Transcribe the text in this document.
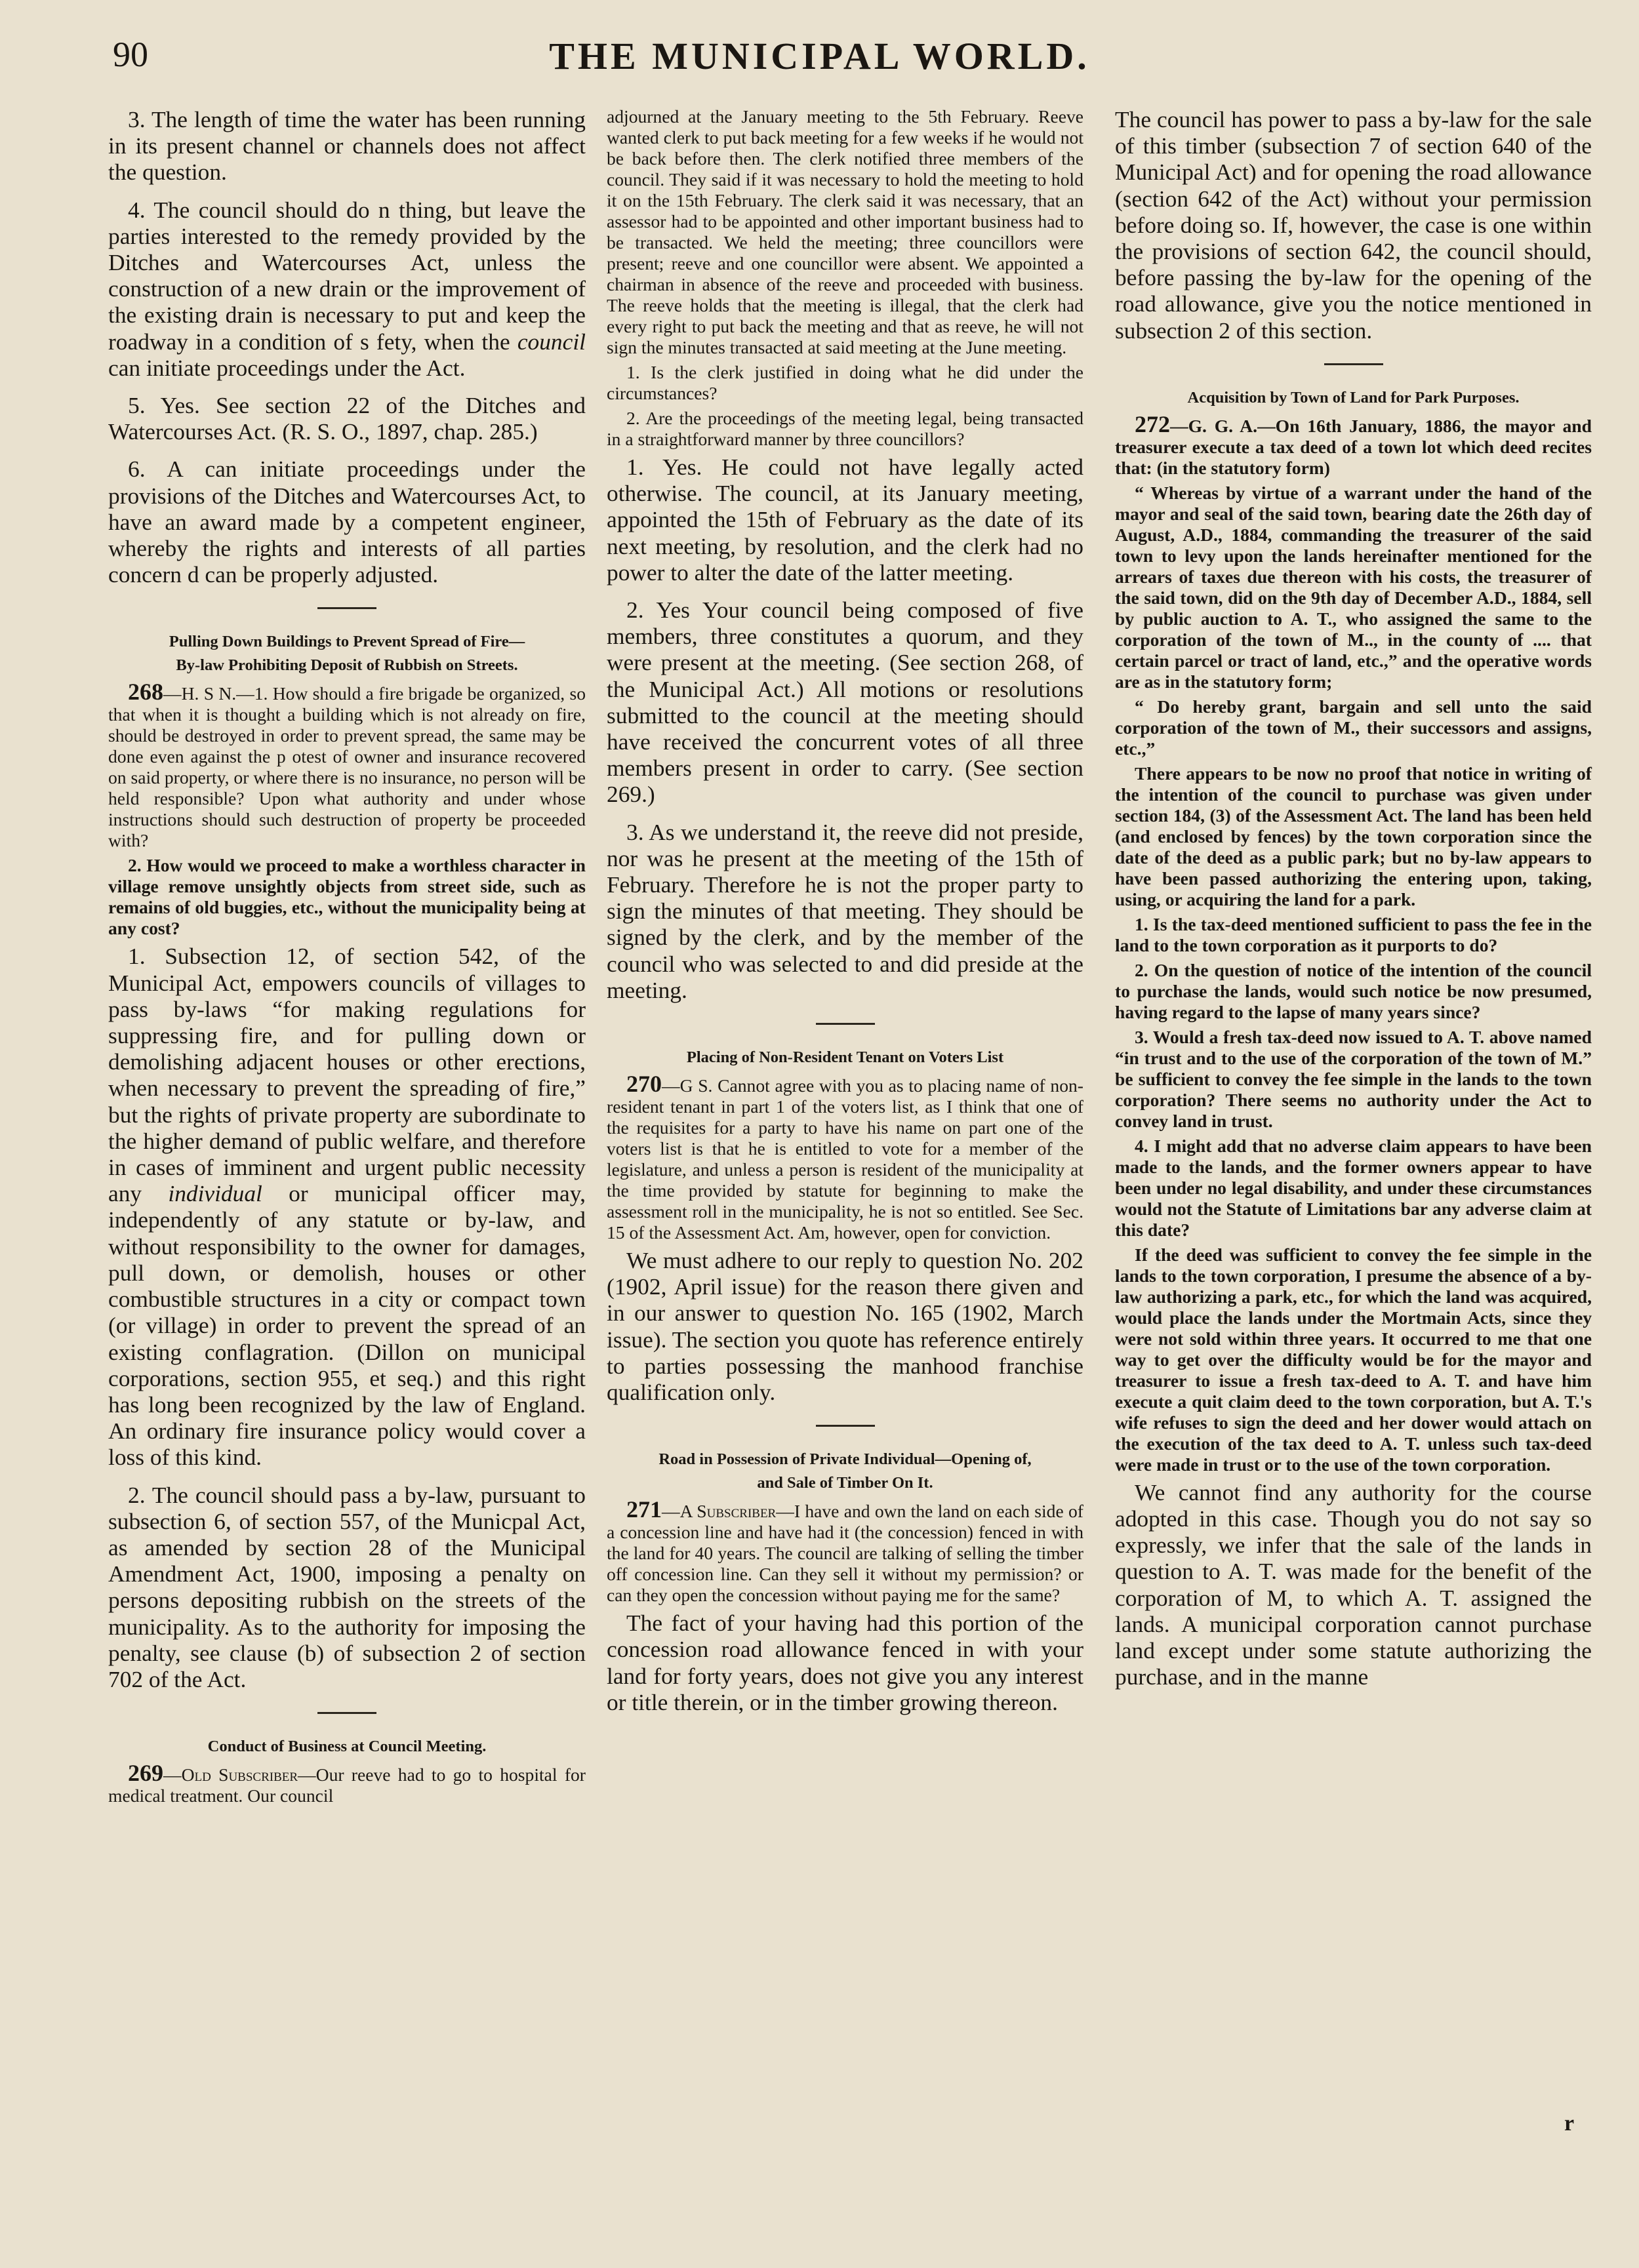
90	THE MUNICIPAL WORLD.

3. The length of time the water has been running in its present channel or channels does not affect the question.

4. The council should do n thing, but leave the parties interested to the remedy provided by the Ditches and Watercourses Act, unless the construction of a new drain or the improvement of the existing drain is necessary to put and keep the roadway in a condition of s fety, when the council can initiate proceedings under the Act.

5. Yes. See section 22 of the Ditches and Watercourses Act. (R. S. O., 1897, chap. 285.)

6. A can initiate proceedings under the provisions of the Ditches and Watercourses Act, to have an award made by a competent engineer, whereby the rights and interests of all parties concern d can be properly adjusted.

Pulling Down Buildings to Prevent Spread of Fire—
By-law Prohibiting Deposit of Rubbish on Streets.

268—H. S N.—1. How should a fire brigade be organized, so that when it is thought a building which is not already on fire, should be destroyed in order to prevent spread, the same may be done even against the p otest of owner and insurance recovered on said property, or where there is no insurance, no person will be held responsible? Upon what authority and under whose instructions should such destruction of property be proceeded with?

2. How would we proceed to make a worthless character in village remove unsightly objects from street side, such as remains of old buggies, etc., without the municipality being at any cost?

1. Subsection 12, of section 542, of the Municipal Act, empowers councils of villages to pass by-laws “for making regulations for suppressing fire, and for pulling down or demolishing adjacent houses or other erections, when necessary to prevent the spreading of fire,” but the rights of private property are subordinate to the higher demand of public welfare, and therefore in cases of imminent and urgent public necessity any individual or municipal officer may, independently of any statute or by-law, and without responsibility to the owner for damages, pull down, or demolish, houses or other combustible structures in a city or compact town (or village) in order to prevent the spread of an existing conflagration. (Dillon on municipal corporations, section 955, et seq.) and this right has long been recognized by the law of England. An ordinary fire insurance policy would cover a loss of this kind.

2. The council should pass a by-law, pursuant to subsection 6, of section 557, of the Municpal Act, as amended by section 28 of the Municipal Amendment Act, 1900, imposing a penalty on persons depositing rubbish on the streets of the municipality. As to the authority for imposing the penalty, see clause (b) of subsection 2 of section 702 of the Act.

Conduct of Business at Council Meeting.

269—Old Subscriber—Our reeve had to go to hospital for medical treatment. Our council

adjourned at the January meeting to the 5th February. Reeve wanted clerk to put back meeting for a few weeks if he would not be back before then. The clerk notified three members of the council. They said if it was necessary to hold the meeting to hold it on the 15th February. The clerk said it was necessary, that an assessor had to be appointed and other important business had to be transacted. We held the meeting; three councillors were present; reeve and one councillor were absent. We appointed a chairman in absence of the reeve and proceeded with business. The reeve holds that the meeting is illegal, that the clerk had every right to put back the meeting and that as reeve, he will not sign the minutes transacted at said meeting at the June meeting.

1. Is the clerk justified in doing what he did under the circumstances?

2. Are the proceedings of the meeting legal, being transacted in a straightforward manner by three councillors?

1. Yes. He could not have legally acted otherwise. The council, at its January meeting, appointed the 15th of February as the date of its next meeting, by resolution, and the clerk had no power to alter the date of the latter meeting.

2. Yes Your council being composed of five members, three constitutes a quorum, and they were present at the meeting. (See section 268, of the Municipal Act.) All motions or resolutions submitted to the council at the meeting should have received the concurrent votes of all three members present in order to carry. (See section 269.)

3. As we understand it, the reeve did not preside, nor was he present at the meeting of the 15th of February. Therefore he is not the proper party to sign the minutes of that meeting. They should be signed by the clerk, and by the member of the council who was selected to and did preside at the meeting.

Placing of Non-Resident Tenant on Voters List

270—G S. Cannot agree with you as to placing name of non-resident tenant in part 1 of the voters list, as I think that one of the requisites for a party to have his name on part one of the voters list is that he is entitled to vote for a member of the legislature, and unless a person is resident of the municipality at the time provided by statute for beginning to make the assessment roll in the municipality, he is not so entitled. See Sec. 15 of the Assessment Act. Am, however, open for conviction.

We must adhere to our reply to question No. 202 (1902, April issue) for the reason there given and in our answer to question No. 165 (1902, March issue). The section you quote has reference entirely to parties possessing the manhood franchise qualification only.

Road in Possession of Private Individual—Opening of,
and Sale of Timber On It.

271—A Subscriber—I have and own the land on each side of a concession line and have had it (the concession) fenced in with the land for 40 years. The council are talking of selling the timber off concession line. Can they sell it without my permission? or can they open the concession without paying me for the same?

The fact of your having had this portion of the concession road allowance fenced in with your land for forty years, does not give you any interest or title therein, or in the timber growing thereon.

The council has power to pass a by-law for the sale of this timber (subsection 7 of section 640 of the Municipal Act) and for opening the road allowance (section 642 of the Act) without your permission before doing so. If, however, the case is one within the provisions of section 642, the council should, before passing the by-law for the opening of the road allowance, give you the notice mentioned in subsection 2 of this section.

Acquisition by Town of Land for Park Purposes.

272—G. G. A.—On 16th January, 1886, the mayor and treasurer execute a tax deed of a town lot which deed recites that: (in the statutory form)

“ Whereas by virtue of a warrant under the hand of the mayor and seal of the said town, bearing date the 26th day of August, A.D., 1884, commanding the treasurer of the said town to levy upon the lands hereinafter mentioned for the arrears of taxes due thereon with his costs, the treasurer of the said town, did on the 9th day of December A.D., 1884, sell by public auction to A. T., who assigned the same to the corporation of the town of M.., in the county of .... that certain parcel or tract of land, etc.,” and the operative words are as in the statutory form;

“ Do hereby grant, bargain and sell unto the said corporation of the town of M., their successors and assigns, etc.,”

There appears to be now no proof that notice in writing of the intention of the council to purchase was given under section 184, (3) of the Assessment Act. The land has been held (and enclosed by fences) by the town corporation since the date of the deed as a public park; but no by-law appears to have been passed authorizing the entering upon, taking, using, or acquiring the land for a park.

1. Is the tax-deed mentioned sufficient to pass the fee in the land to the town corporation as it purports to do?

2. On the question of notice of the intention of the council to purchase the lands, would such notice be now presumed, having regard to the lapse of many years since?

3. Would a fresh tax-deed now issued to A. T. above named “in trust and to the use of the corporation of the town of M.” be sufficient to convey the fee simple in the lands to the town corporation? There seems no authority under the Act to convey land in trust.

4. I might add that no adverse claim appears to have been made to the lands, and the former owners appear to have been under no legal disability, and under these circumstances would not the Statute of Limitations bar any adverse claim at this date?

If the deed was sufficient to convey the fee simple in the lands to the town corporation, I presume the absence of a by-law authorizing a park, etc., for which the land was acquired, would place the lands under the Mortmain Acts, since they were not sold within three years. It occurred to me that one way to get over the difficulty would be for the mayor and treasurer to issue a fresh tax-deed to A. T. and have him execute a quit claim deed to the town corporation, but A. T.'s wife refuses to sign the deed and her dower would attach on the execution of the tax deed to A. T. unless such tax-deed were made in trust or to the use of the town corporation.

We cannot find any authority for the course adopted in this case. Though you do not say so expressly, we infer that the sale of the lands in question to A. T. was made for the benefit of the corporation of M, to which A. T. assigned the lands. A municipal corporation cannot purchase land except under some statute authorizing the purchase, and in the manne

r
